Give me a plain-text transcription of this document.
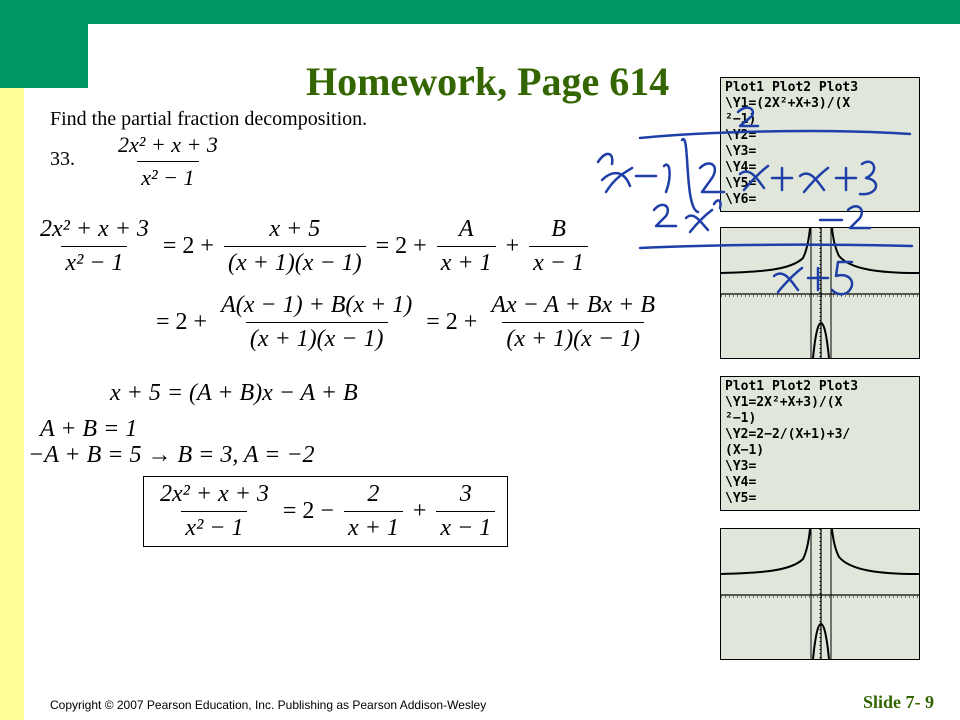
Homework, Page 614
Find the partial fraction decomposition.
33. $\frac{\text{2x² + x + 3}}{\text{x² − 1}}$
$\frac{\text{2x² + x + 3}}{\text{x² − 1}} = 2 + \frac{x + 5}{(x + 1)(x - 1)} = 2 + \frac{A}{x + 1} + \frac{B}{x - 1}$
= $2 + \frac{A(x - 1) + B(x + 1)}{(x + 1)(x - 1)} = 2 + \frac{Ax - A + Bx + B}{(x + 1)(x - 1)}$
x + 5 = (A + B)x − A + B
A + B = 1
−A + B = 5 → B = 3, A = −2
$\frac{\text{2x² + x + 3}}{\text{x² − 1}} = 2 - \frac{2}{x + 1} + \frac{3}{x - 1}$
Plot1 Plot2 Plot3
\Y1=(2X²+X+3)/(X
²−1)
\Y2=
\Y3=
\Y4=
\Y5=
\Y6=
Plot1 Plot2 Plot3
\Y1=2X²+X+3)/(X
²−1)
\Y2=2−2/(X+1)+3/
(X−1)
\Y3=
\Y4=
\Y5=
Copyright © 2007 Pearson Education, Inc. Publishing as Pearson Addison-Wesley	Slide 7- 9
